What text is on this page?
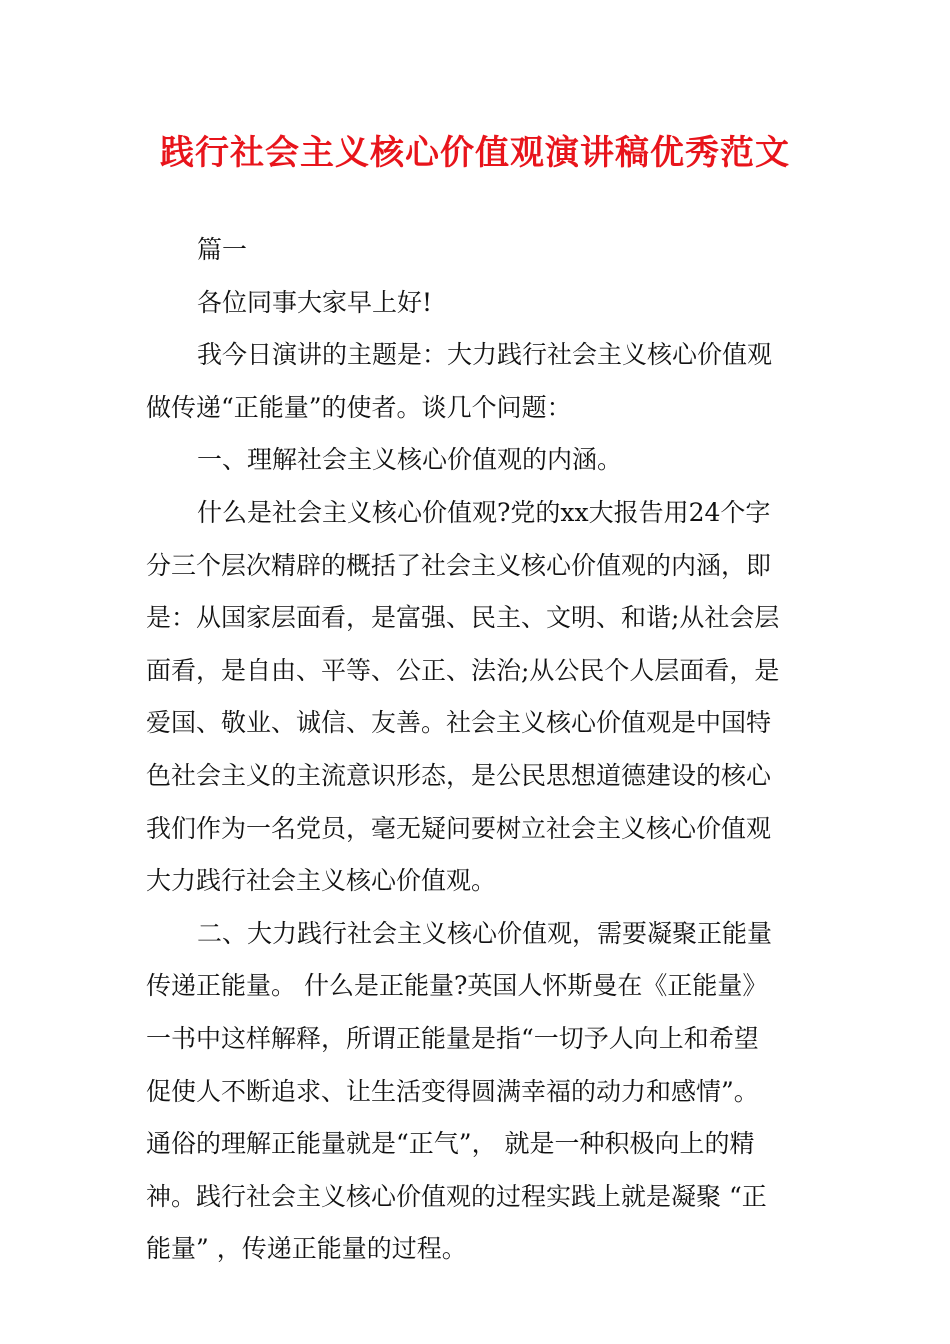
践行社会主义核心价值观演讲稿优秀范文
篇一
各位同事大家早上好!
我今日演讲的主题是：大力践行社会主义核心价值观
做传递“正能量”的使者。谈几个问题：
一、理解社会主义核心价值观的内涵。
什么是社会主义核心价值观?党的xx大报告用24个字
分三个层次精辟的概括了社会主义核心价值观的内涵，即
是：从国家层面看，是富强、民主、文明、和谐;从社会层
面看，是自由、平等、公正、法治;从公民个人层面看，是
爱国、敬业、诚信、友善。社会主义核心价值观是中国特
色社会主义的主流意识形态，是公民思想道德建设的核心
我们作为一名党员，毫无疑问要树立社会主义核心价值观
大力践行社会主义核心价值观。
二、大力践行社会主义核心价值观，需要凝聚正能量
传递正能量。 什么是正能量?英国人怀斯曼在《正能量》
一书中这样解释，所谓正能量是指“一切予人向上和希望
促使人不断追求、让生活变得圆满幸福的动力和感情”。
通俗的理解正能量就是“正气”， 就是一种积极向上的精
神。践行社会主义核心价值观的过程实践上就是凝聚 “正
能量” ，传递正能量的过程。
